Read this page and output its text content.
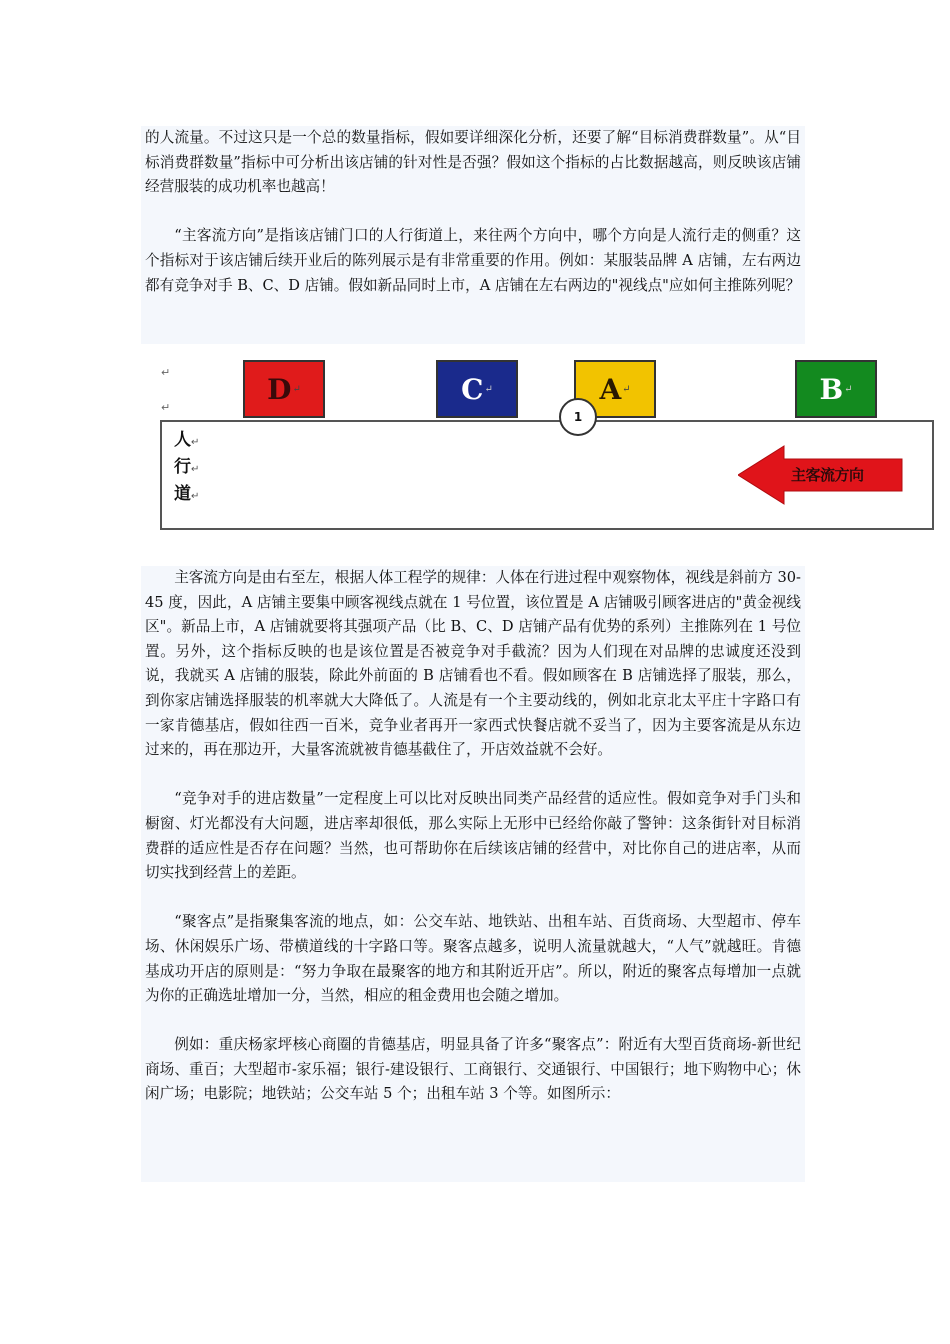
的人流量。不过这只是一个总的数量指标，假如要详细深化分析，还要了解“目标消费群数量”。从“目标消费群数量”指标中可分析出该店铺的针对性是否强？假如这个指标的占比数据越高，则反映该店铺经营服装的成功机率也越高！

“主客流方向”是指该店铺门口的人行街道上，来往两个方向中，哪个方向是人流行走的侧重？这个指标对于该店铺后续开业后的陈列展示是有非常重要的作用。例如：某服装品牌 A 店铺，左右两边都有竞争对手 B、C、D 店铺。假如新品同时上市，A 店铺在左右两边的"视线点"应如何主推陈列呢？

↵
↵
D ↵	C ↵	A ↵	B ↵
人↵
行↵
道↵
1
主客流方向

主客流方向是由右至左，根据人体工程学的规律：人体在行进过程中观察物体，视线是斜前方 30-45 度，因此，A 店铺主要集中顾客视线点就在 1 号位置，该位置是 A 店铺吸引顾客进店的"黄金视线区"。新品上市，A 店铺就要将其强项产品（比 B、C、D 店铺产品有优势的系列）主推陈列在 1 号位置。另外，这个指标反映的也是该位置是否被竞争对手截流？因为人们现在对品牌的忠诚度还没到说，我就买 A 店铺的服装，除此外前面的 B 店铺看也不看。假如顾客在 B 店铺选择了服装，那么，到你家店铺选择服装的机率就大大降低了。人流是有一个主要动线的，例如北京北太平庄十字路口有一家肯德基店，假如往西一百米，竞争业者再开一家西式快餐店就不妥当了，因为主要客流是从东边过来的，再在那边开，大量客流就被肯德基截住了，开店效益就不会好。

“竞争对手的进店数量”一定程度上可以比对反映出同类产品经营的适应性。假如竞争对手门头和橱窗、灯光都没有大问题，进店率却很低，那么实际上无形中已经给你敲了警钟：这条街针对目标消费群的适应性是否存在问题？当然，也可帮助你在后续该店铺的经营中，对比你自己的进店率，从而切实找到经营上的差距。

“聚客点”是指聚集客流的地点，如：公交车站、地铁站、出租车站、百货商场、大型超市、停车场、休闲娱乐广场、带横道线的十字路口等。聚客点越多，说明人流量就越大，“人气”就越旺。肯德基成功开店的原则是：“努力争取在最聚客的地方和其附近开店”。所以，附近的聚客点每增加一点就为你的正确选址增加一分，当然，相应的租金费用也会随之增加。

例如：重庆杨家坪核心商圈的肯德基店，明显具备了许多“聚客点”：附近有大型百货商场-新世纪商场、重百；大型超市-家乐福；银行-建设银行、工商银行、交通银行、中国银行；地下购物中心；休闲广场；电影院；地铁站；公交车站 5 个；出租车站 3 个等。如图所示：
